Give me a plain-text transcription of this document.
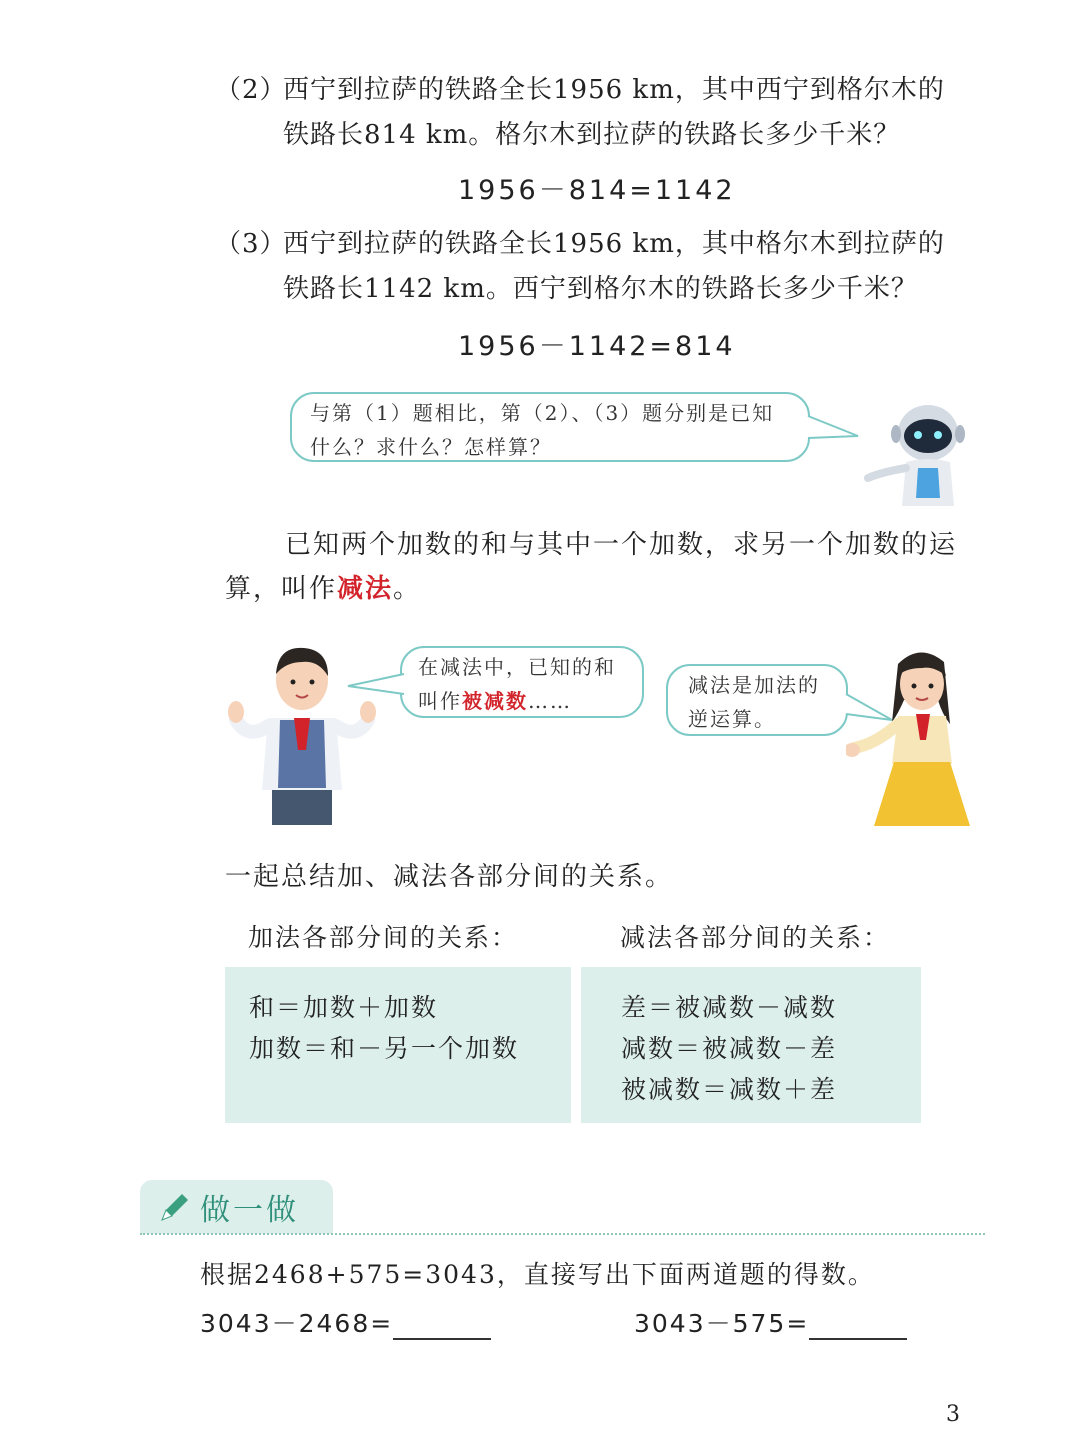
（2）西宁到拉萨的铁路全长1956 km，其中西宁到格尔木的
铁路长814 km。格尔木到拉萨的铁路长多少千米？
1956－814=1142
（3）西宁到拉萨的铁路全长1956 km，其中格尔木到拉萨的
铁路长1142 km。西宁到格尔木的铁路长多少千米？
1956－1142=814
与第（1）题相比，第（2）、（3）题分别是已知
什么？求什么？怎样算？
已知两个加数的和与其中一个加数，求另一个加数的运
算，叫作减法。
在减法中，已知的和
叫作被减数……
减法是加法的
逆运算。
一起总结加、减法各部分间的关系。
加法各部分间的关系：
和＝加数＋加数
加数＝和－另一个加数
减法各部分间的关系：
差＝被减数－减数
减数＝被减数－差
被减数＝减数＋差
做一做
根据2468+575=3043，直接写出下面两道题的得数。
3043－2468=	3043－575=
3
